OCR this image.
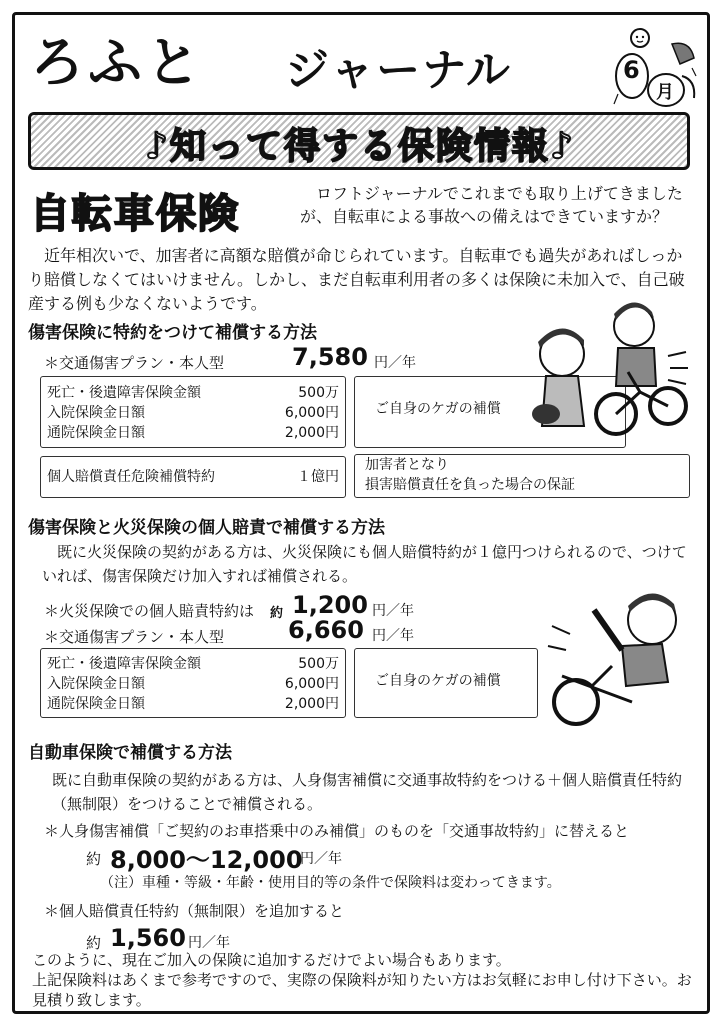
ろふと ジャーナル	6
月
♪知って得する保険情報♪
自転車保険	ロフトジャーナルでこれまでも取り上げてきましたが、自転車による事故への備えはできていますか？
近年相次いで、加害者に高額な賠償が命じられています。自転車でも過失があればしっかり賠償しなくてはいけません。しかし、まだ自転車利用者の多くは保険に未加入で、自己破産する例も少なくないようです。
傷害保険に特約をつけて補償する方法
＊交通傷害プラン・本人型	7,580 円／年
死亡・後遺障害保険金額	500万
入院保険金日額	6,000円
通院保険金日額	2,000円
ご自身のケガの補償
個人賠償責任危険補償特約	１億円
加害者となり
損害賠償責任を負った場合の保証
傷害保険と火災保険の個人賠責で補償する方法
既に火災保険の契約がある方は、火災保険にも個人賠償特約が１億円つけられるので、つけていれば、傷害保険だけ加入すれば補償される。
＊火災保険での個人賠責特約は 約 1,200 円／年
＊交通傷害プラン・本人型	6,660 円／年
死亡・後遺障害保険金額	500万
入院保険金日額	6,000円
通院保険金日額	2,000円
ご自身のケガの補償
自動車保険で補償する方法
既に自動車保険の契約がある方は、人身傷害補償に交通事故特約をつける＋個人賠償責任特約（無制限）をつけることで補償される。
＊人身傷害補償「ご契約のお車搭乗中のみ補償」のものを「交通事故特約」に替えると
約 8,000〜12,000
円／年
（注）車種・等級・年齢・使用目的等の条件で保険料は変わってきます。
＊個人賠償責任特約（無制限）を追加すると
約 1,560 円／年
このように、現在ご加入の保険に追加するだけでよい場合もあります。
上記保険料はあくまで参考ですので、実際の保険料が知りたい方はお気軽にお申し付け下さい。お見積り致します。
